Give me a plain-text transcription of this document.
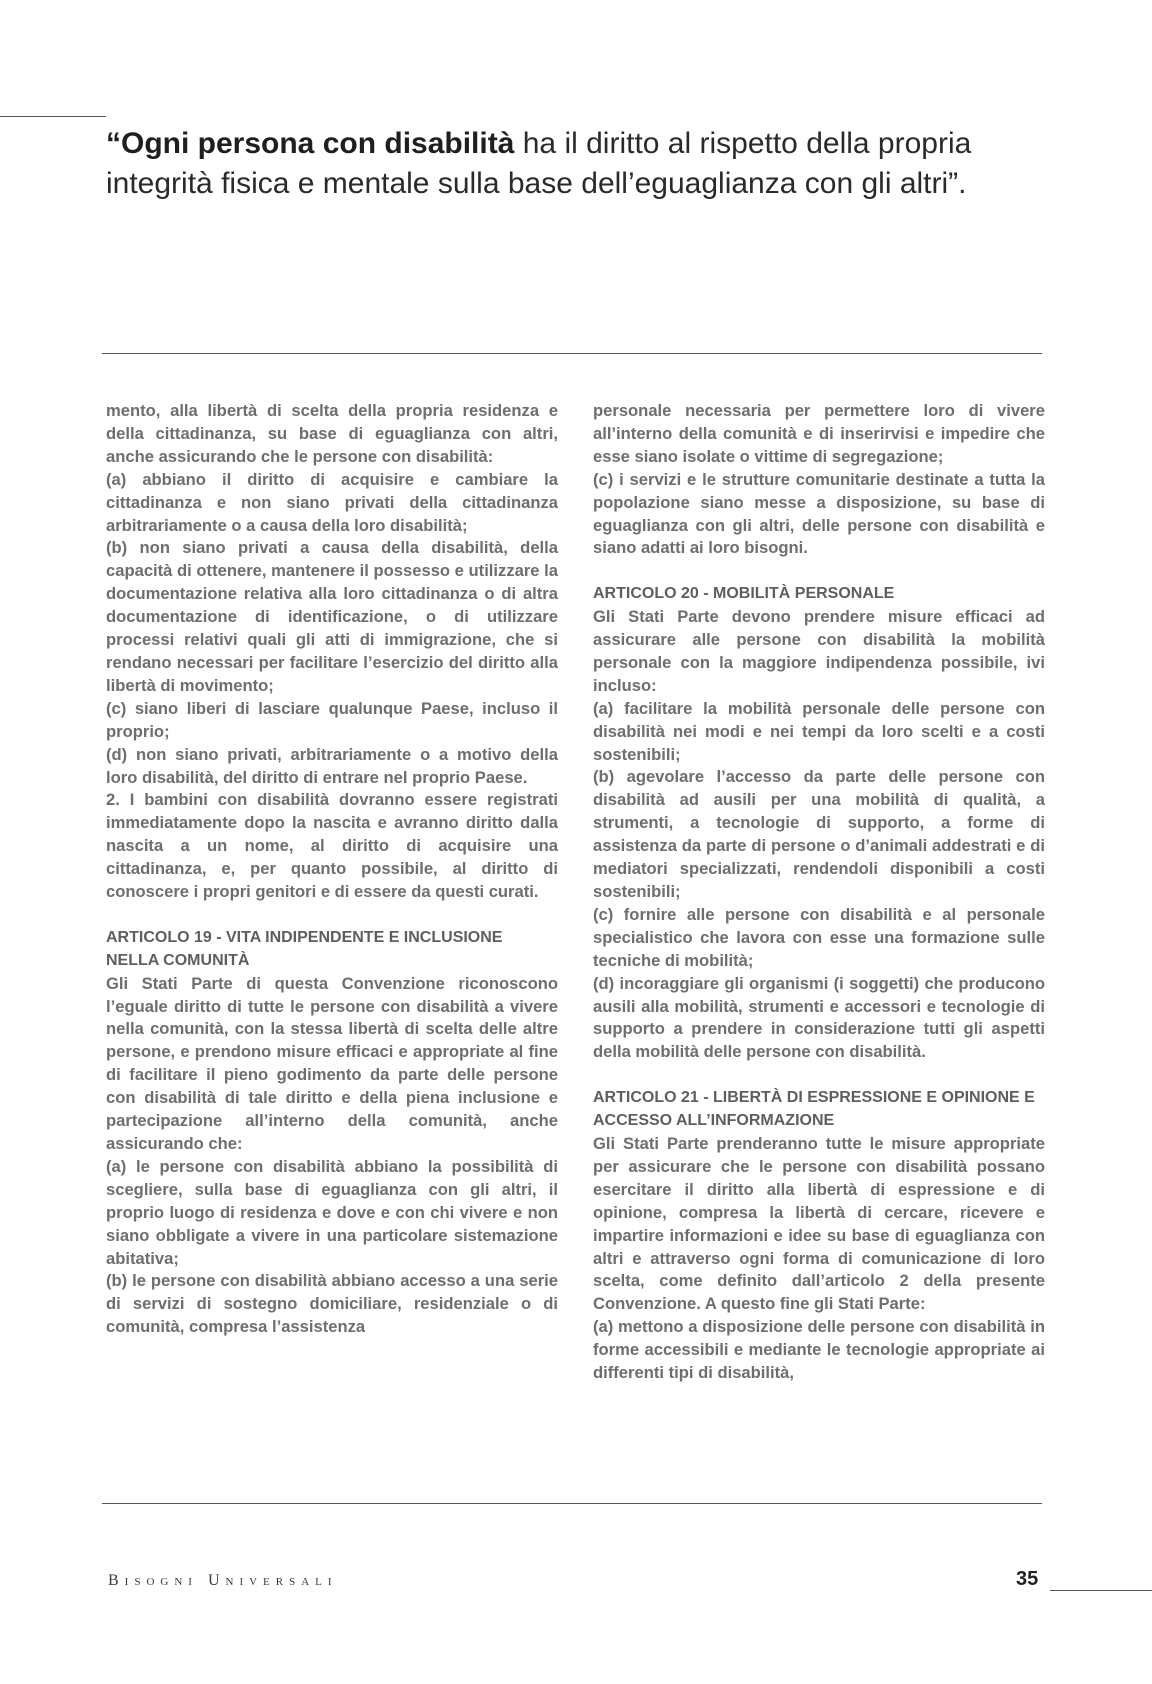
“Ogni persona con disabilità ha il diritto al rispetto della propria integrità fisica e mentale sulla base dell’eguaglianza con gli altri”.

mento, alla libertà di scelta della propria residenza e della cittadinanza, su base di eguaglianza con altri, anche assicurando che le persone con disabilità:

(a) abbiano il diritto di acquisire e cambiare la cittadinanza e non siano privati della cittadinanza arbitrariamente o a causa della loro disabilità;

(b) non siano privati a causa della disabilità, della capacità di ottenere, mantenere il possesso e utilizzare la documentazione relativa alla loro cittadinanza o di altra documentazione di identificazione, o di utilizzare processi relativi quali gli atti di immigrazione, che si rendano necessari per facilitare l’esercizio del diritto alla libertà di movimento;

(c) siano liberi di lasciare qualunque Paese, incluso il proprio;

(d) non siano privati, arbitrariamente o a motivo della loro disabilità, del diritto di entrare nel proprio Paese.

2. I bambini con disabilità dovranno essere registrati immediatamente dopo la nascita e avranno diritto dalla nascita a un nome, al diritto di acquisire una cittadinanza, e, per quanto possibile, al diritto di conoscere i propri genitori e di essere da questi curati.

ARTICOLO 19 - VITA INDIPENDENTE E INCLUSIONE NELLA COMUNITÀ

Gli Stati Parte di questa Convenzione riconoscono l’eguale diritto di tutte le persone con disabilità a vivere nella comunità, con la stessa libertà di scelta delle altre persone, e prendono misure efficaci e appropriate al fine di facilitare il pieno godimento da parte delle persone con disabilità di tale diritto e della piena inclusione e partecipazione all’interno della comunità, anche assicurando che:

(a) le persone con disabilità abbiano la possibilità di scegliere, sulla base di eguaglianza con gli altri, il proprio luogo di residenza e dove e con chi vivere e non siano obbligate a vivere in una particolare sistemazione abitativa;

(b) le persone con disabilità abbiano accesso a una serie di servizi di sostegno domiciliare, residenziale o di comunità, compresa l’assistenza

personale necessaria per permettere loro di vivere all’interno della comunità e di inserirvisi e impedire che esse siano isolate o vittime di segregazione;

(c) i servizi e le strutture comunitarie destinate a tutta la popolazione siano messe a disposizione, su base di eguaglianza con gli altri, delle persone con disabilità e siano adatti ai loro bisogni.

ARTICOLO 20 - MOBILITÀ PERSONALE

Gli Stati Parte devono prendere misure efficaci ad assicurare alle persone con disabilità la mobilità personale con la maggiore indipendenza possibile, ivi incluso:

(a) facilitare la mobilità personale delle persone con disabilità nei modi e nei tempi da loro scelti e a costi sostenibili;

(b) agevolare l’accesso da parte delle persone con disabilità ad ausili per una mobilità di qualità, a strumenti, a tecnologie di supporto, a forme di assistenza da parte di persone o d’animali addestrati e di mediatori specializzati, rendendoli disponibili a costi sostenibili;

(c) fornire alle persone con disabilità e al personale specialistico che lavora con esse una formazione sulle tecniche di mobilità;

(d) incoraggiare gli organismi (i soggetti) che producono ausili alla mobilità, strumenti e accessori e tecnologie di supporto a prendere in considerazione tutti gli aspetti della mobilità delle persone con disabilità.

ARTICOLO 21 - LIBERTÀ DI ESPRESSIONE E OPINIONE E ACCESSO ALL’INFORMAZIONE

Gli Stati Parte prenderanno tutte le misure appropriate per assicurare che le persone con disabilità possano esercitare il diritto alla libertà di espressione e di opinione, compresa la libertà di cercare, ricevere e impartire informazioni e idee su base di eguaglianza con altri e attraverso ogni forma di comunicazione di loro scelta, come definito dall’articolo 2 della presente Convenzione. A questo fine gli Stati Parte:

(a) mettono a disposizione delle persone con disabilità in forme accessibili e mediante le tecnologie appropriate ai differenti tipi di disabilità,

Bisogni Universali	35
